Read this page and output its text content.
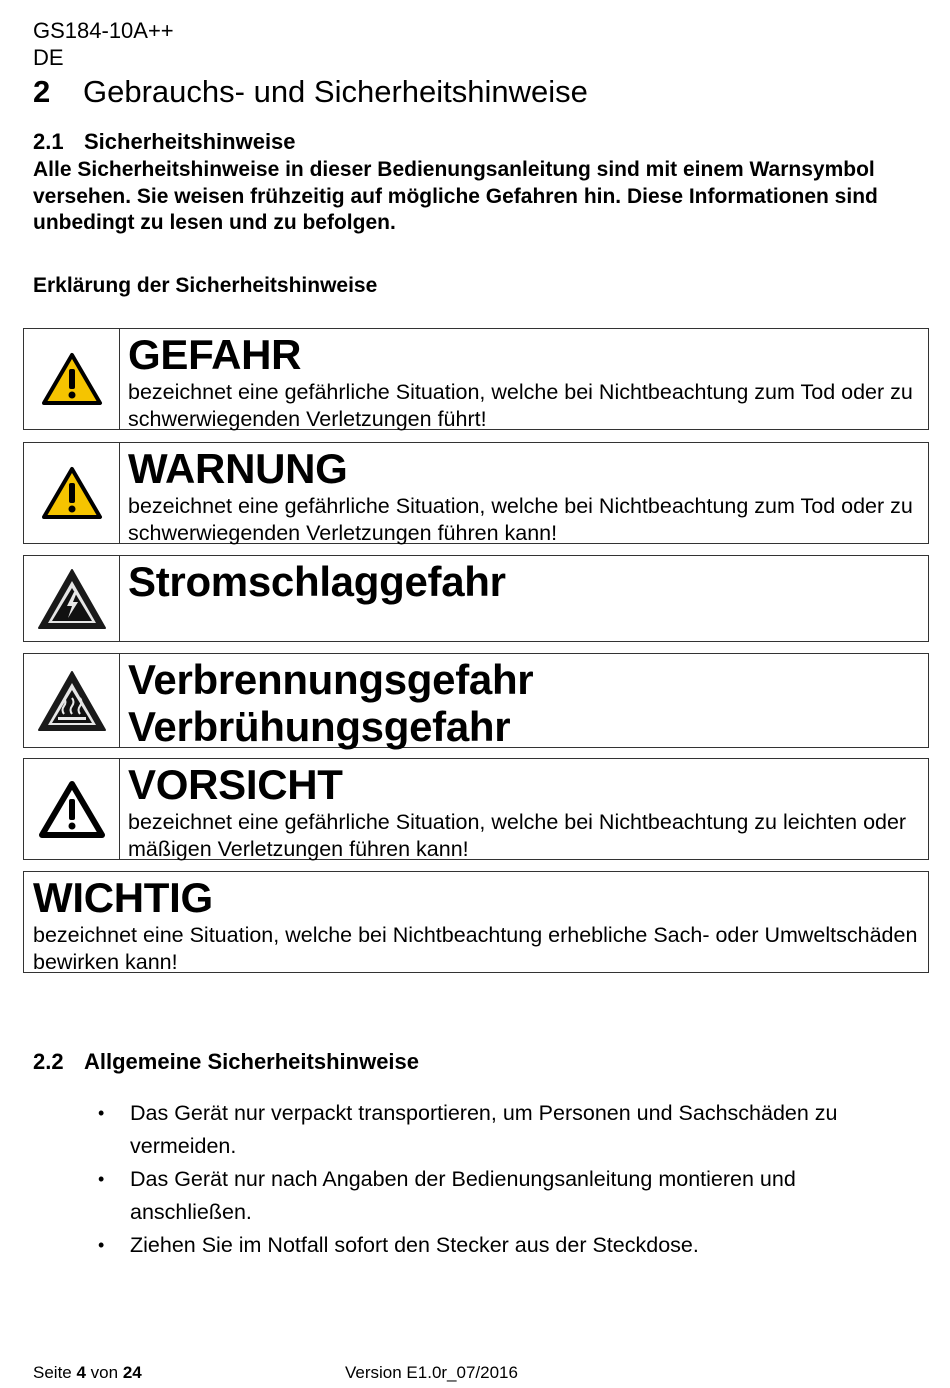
GS184-10A++
DE
2 Gebrauchs- und Sicherheitshinweise
2.1 Sicherheitshinweise
Alle Sicherheitshinweise in dieser Bedienungsanleitung sind mit einem Warnsymbol versehen. Sie weisen frühzeitig auf mögliche Gefahren hin. Diese Informationen sind unbedingt zu lesen und zu befolgen.
Erklärung der Sicherheitshinweise
GEFAHR
bezeichnet eine gefährliche Situation, welche bei Nichtbeachtung zum Tod oder zu schwerwiegenden Verletzungen führt!
WARNUNG
bezeichnet eine gefährliche Situation, welche bei Nichtbeachtung zum Tod oder zu schwerwiegenden Verletzungen führen kann!
Stromschlaggefahr
Verbrennungsgefahr
Verbrühungsgefahr
VORSICHT
bezeichnet eine gefährliche Situation, welche bei Nichtbeachtung zu leichten oder mäßigen Verletzungen führen kann!
WICHTIG
bezeichnet eine Situation, welche bei Nichtbeachtung erhebliche Sach- oder Umweltschäden bewirken kann!
2.2 Allgemeine Sicherheitshinweise
• Das Gerät nur verpackt transportieren, um Personen und Sachschäden zu vermeiden.
• Das Gerät nur nach Angaben der Bedienungsanleitung montieren und anschließen.
• Ziehen Sie im Notfall sofort den Stecker aus der Steckdose.
Seite 4 von 24	Version E1.0r_07/2016
